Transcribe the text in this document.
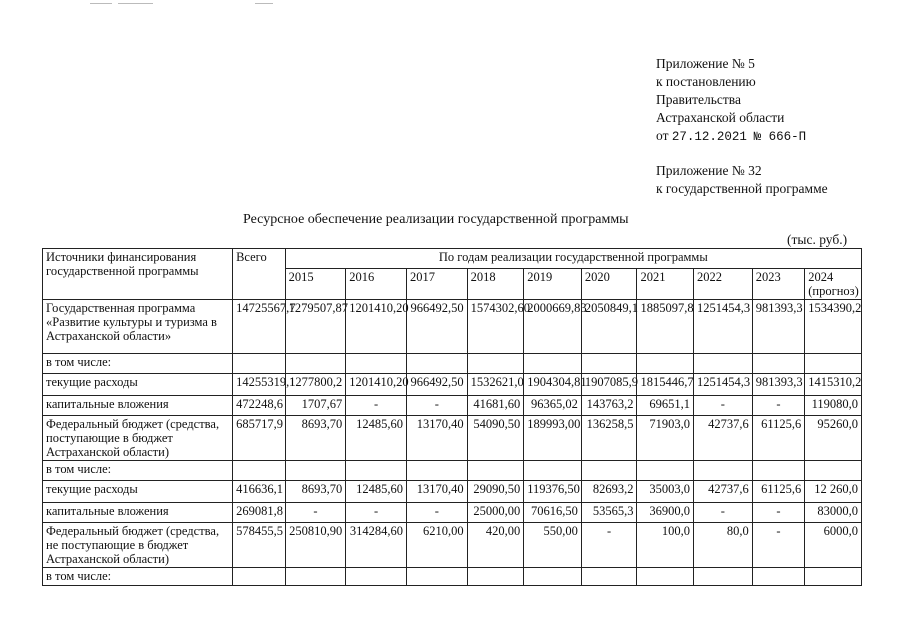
Приложение № 5
к постановлению
Правительства
Астраханской области
от 27.12.2021 № 666-П
Приложение № 32
к государственной программе
Ресурсное обеспечение реализации государственной программы
(тыс. руб.)
Источники финансирования государственной программы	Всего	По годам реализации государственной программы									
		2015	2016	2017	2018	2019	2020	2021	2022	2023	2024 (прогноз)
Государственная программа «Развитие культуры и туризма в Астраханской области»	14725567,7	1279507,87	1201410,20	966492,50	1574302,60	2000669,83	2050849,1	1885097,8	1251454,3	981393,3	1534390,2
в том числе:											
текущие расходы	14255319,1	1277800,2	1201410,20	966492,50	1532621,0	1904304,81	1907085,9	1815446,7	1251454,3	981393,3	1415310,2
капитальные вложения	472248,6	1707,67	-	-	41681,60	96365,02	143763,2	69651,1	-	-	119080,0
Федеральный бюджет (средства, поступающие в бюджет Астраханской области)	685717,9	8693,70	12485,60	13170,40	54090,50	189993,00	136258,5	71903,0	42737,6	61125,6	95260,0
в том числе:											
текущие расходы	416636,1	8693,70	12485,60	13170,40	29090,50	119376,50	82693,2	35003,0	42737,6	61125,6	12 260,0
капитальные вложения	269081,8	-	-	-	25000,00	70616,50	53565,3	36900,0	-	-	83000,0
Федеральный бюджет (средства, не поступающие в бюджет Астраханской области)	578455,5	250810,90	314284,60	6210,00	420,00	550,00	-	100,0	80,0	-	6000,0
в том числе:											
